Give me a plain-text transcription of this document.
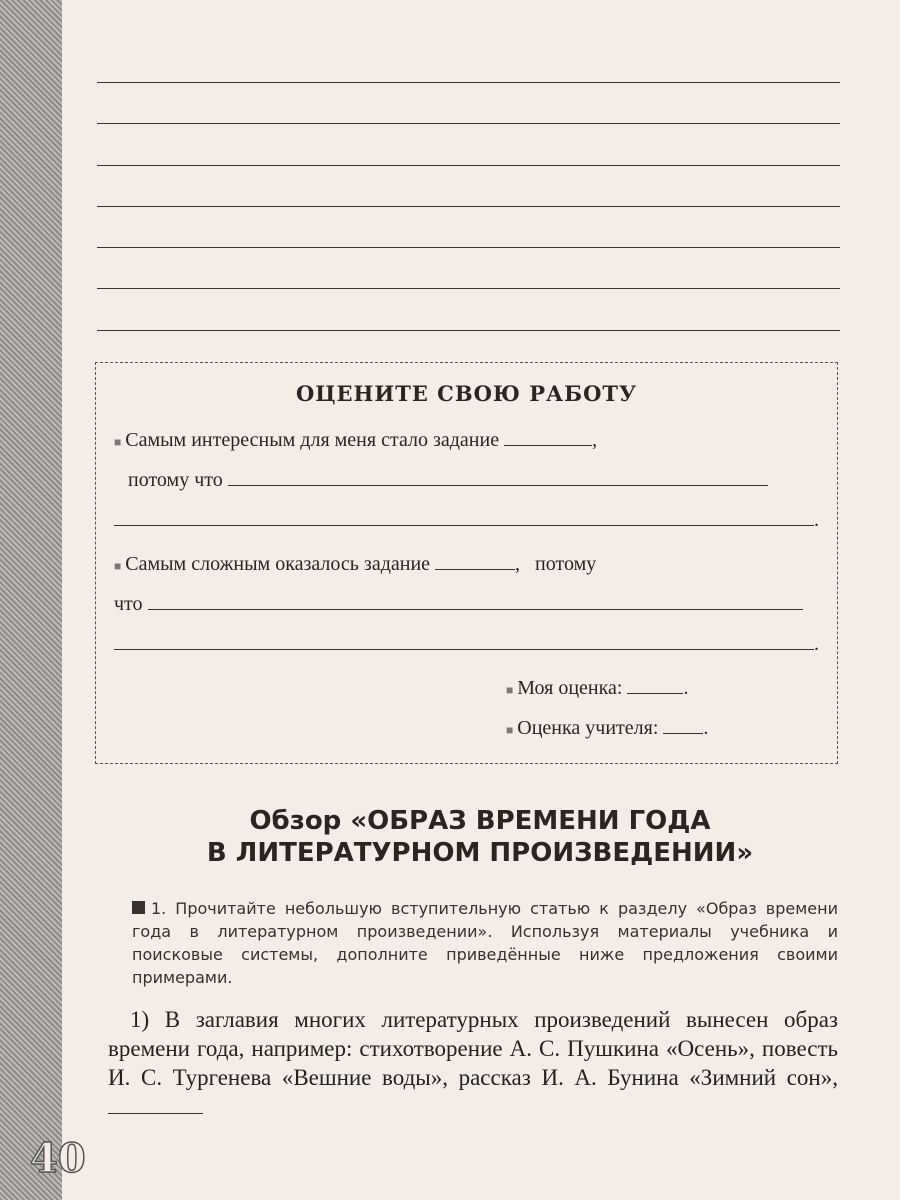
ОЦЕНИТЕ СВОЮ РАБОТУ
■ Самым интересным для меня стало задание	,
потому что
.
■ Самым сложным оказалось задание	,   потому
что
.
■ Моя оценка:	.
■ Оценка учителя: .
Обзор «ОБРАЗ ВРЕМЕНИ ГОДА
В ЛИТЕРАТУРНОМ ПРОИЗВЕДЕНИИ»
1. Прочитайте небольшую вступительную статью к разделу «Образ времени года в литературном произведении». Используя материалы учебника и поисковые системы, дополните приведённые ниже предложения своими примерами.
1) В заглавия многих литературных произведений вынесен образ времени года, например: стихотворение А. С. Пушкина «Осень», повесть И. С. Тургенева «Вешние воды», рассказ И. А. Бунина «Зимний сон»,
40
